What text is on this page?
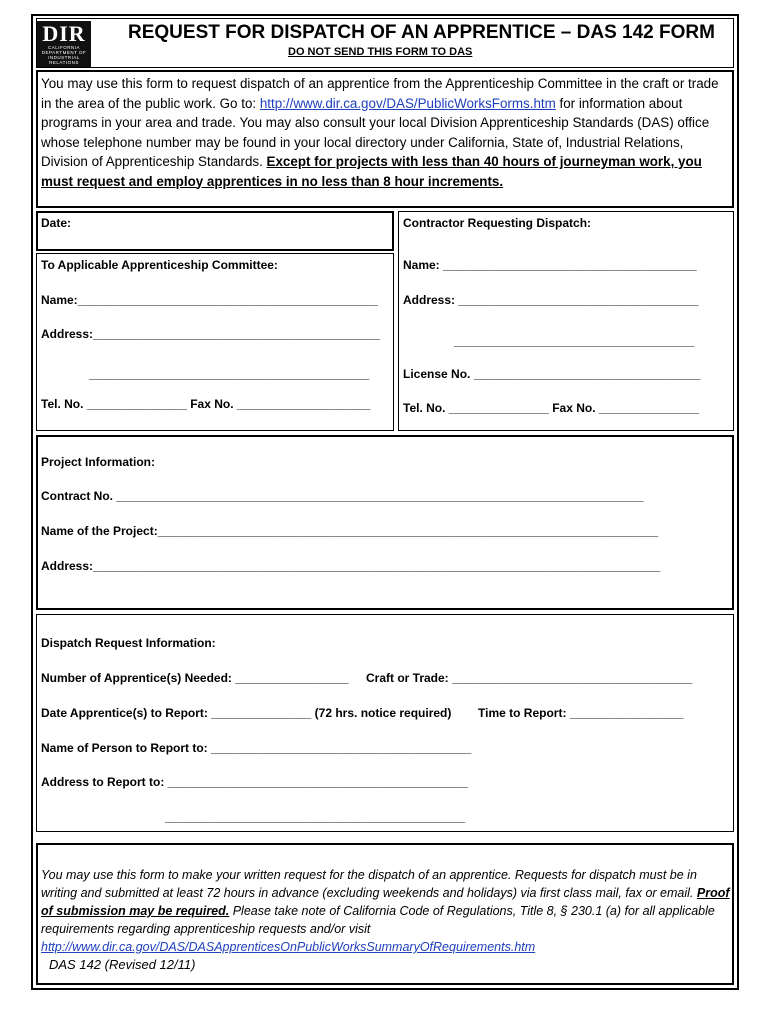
DIR
CALIFORNIA
DEPARTMENT OF
INDUSTRIAL
RELATIONS
REQUEST FOR DISPATCH OF AN APPRENTICE – DAS 142 FORM
DO NOT SEND THIS FORM TO DAS
You may use this form to request dispatch of an apprentice from the Apprenticeship Committee in the craft or trade in the area of the public work. Go to: http://www.dir.ca.gov/DAS/PublicWorksForms.htm for information about programs in your area and trade. You may also consult your local Division Apprenticeship Standards (DAS) office whose telephone number may be found in your local directory under California, State of, Industrial Relations, Division of Apprenticeship Standards. Except for projects with less than 40 hours of journeyman work, you must request and employ apprentices in no less than 8 hour increments.
Date:
To Applicable Apprenticeship Committee:
Name:_____________________________________________
Address:___________________________________________
__________________________________________
Tel. No. _______________ Fax No. ____________________
Contractor Requesting Dispatch:
Name: ______________________________________
Address: ____________________________________
____________________________________
License No. __________________________________
Tel. No. _______________ Fax No. _______________
Project Information:
Contract No. _______________________________________________________________________________
Name of the Project:___________________________________________________________________________
Address:_____________________________________________________________________________________
Dispatch Request Information:
Number of Apprentice(s) Needed: _________________ Craft or Trade: ____________________________________
Date Apprentice(s) to Report: _______________ (72 hrs. notice required) Time to Report: _________________
Name of Person to Report to: _______________________________________
Address to Report to: _____________________________________________
_____________________________________________
You may use this form to make your written request for the dispatch of an apprentice. Requests for dispatch must be in writing and submitted at least 72 hours in advance (excluding weekends and holidays) via first class mail, fax or email. Proof of submission may be required. Please take note of California Code of Regulations, Title 8, § 230.1 (a) for all applicable requirements regarding apprenticeship requests and/or visit
http://www.dir.ca.gov/DAS/DASApprenticesOnPublicWorksSummaryOfRequirements.htm
DAS 142 (Revised 12/11)
